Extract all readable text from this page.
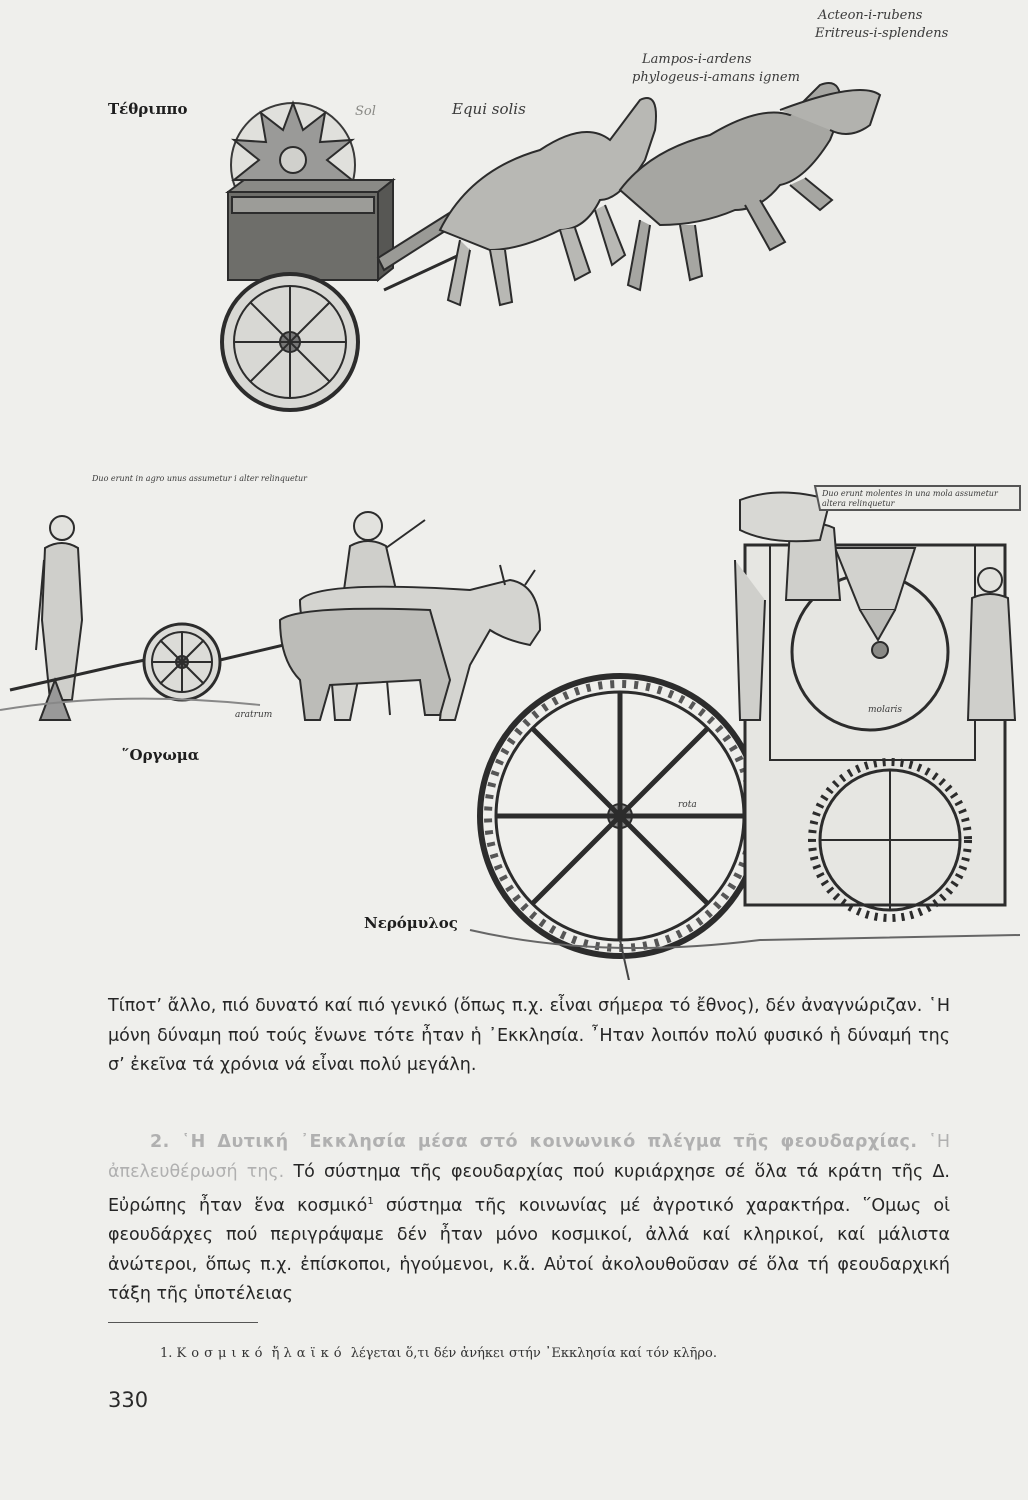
Sol	Equi solis
Lampos-i-ardens
phylogeus-i-amans ignem
Acteon-i-rubens
Eritreus-i-splendens
Duo erunt in agro unus assumetur i alter relinquetur
aratrum
Duo erunt molentes in una mola assumetur altera relinquetur
molaris
rota
Τέθριππο
῞Οργωμα
Νερόμυλος

Τίποτ’ ἄλλο, πιό δυνατό καί πιό γενικό (ὅπως π.χ. εἶναι σήμερα τό ἔθνος), δέν ἀναγνώριζαν. ῾Η μόνη δύναμη πού τούς ἕνωνε τότε ἦταν ἡ ᾿Εκκλησία. ῏Ηταν λοιπόν πολύ φυσικό ἡ δύναμή της σ’ ἐκεῖνα τά χρόνια νά εἶναι πολύ μεγάλη.

2. ῾Η Δυτική ᾿Εκκλησία μέσα στό κοινωνικό πλέγμα τῆς φεουδαρχίας. ῾Η ἀπελευθέρωσή της. Τό σύστημα τῆς φεουδαρχίας πού κυριάρχησε σέ ὅλα τά κράτη τῆς Δ. Εὐρώπης ἦταν ἕνα κοσμικό$^1$ σύστημα τῆς κοινωνίας μέ ἀγροτικό χαρακτήρα. ῞Ομως οἱ φεουδάρχες πού περιγράψαμε δέν ἦταν μόνο κοσμικοί, ἀλλά καί κληρικοί, καί μάλιστα ἀνώτεροι, ὅπως π.χ. ἐπίσκοποι, ἡγούμενοι, κ.ἄ. Αὐτοί ἀκολουθοῦσαν σέ ὅλα τή φεουδαρχική τάξη τῆς ὑποτέλειας

1. Κοσμικό ἤ λαϊκό λέγεται ὅ,τι δέν ἀνήκει στήν ᾿Εκκλησία καί τόν κλῆρο.
330
